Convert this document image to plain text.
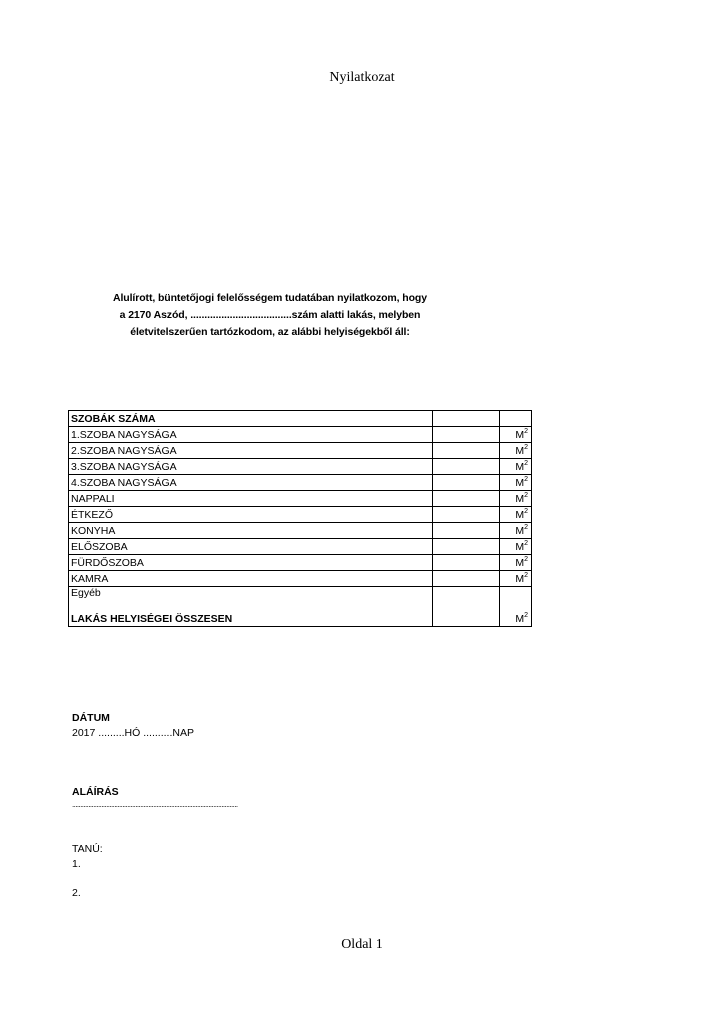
Nyilatkozat
Alulírott, büntetőjogi felelősségem tudatában nyilatkozom, hogy
a 2170 Aszód, ....................................szám alatti lakás, melyben
életvitelszerűen tartózkodom, az alábbi helyiségekből áll:
SZOBÁK SZÁMA		
1.SZOBA NAGYSÁGA		$M^2$
2.SZOBA NAGYSÁGA		$M^2$
3.SZOBA NAGYSÁGA		$M^2$
4.SZOBA NAGYSÁGA		$M^2$
NAPPALI		$M^2$
ÉTKEZŐ		$M^2$
KONYHA		$M^2$
ELŐSZOBA		$M^2$
FÜRDŐSZOBA		$M^2$
KAMRA		$M^2$
Egyéb		
LAKÁS HELYISÉGEI ÖSSZESEN		$M^2$
DÁTUM
2017 .........HÓ ..........NAP
ALÁÍRÁS
......................................................................................................
TANÚ:
1.
2.
Oldal 1
